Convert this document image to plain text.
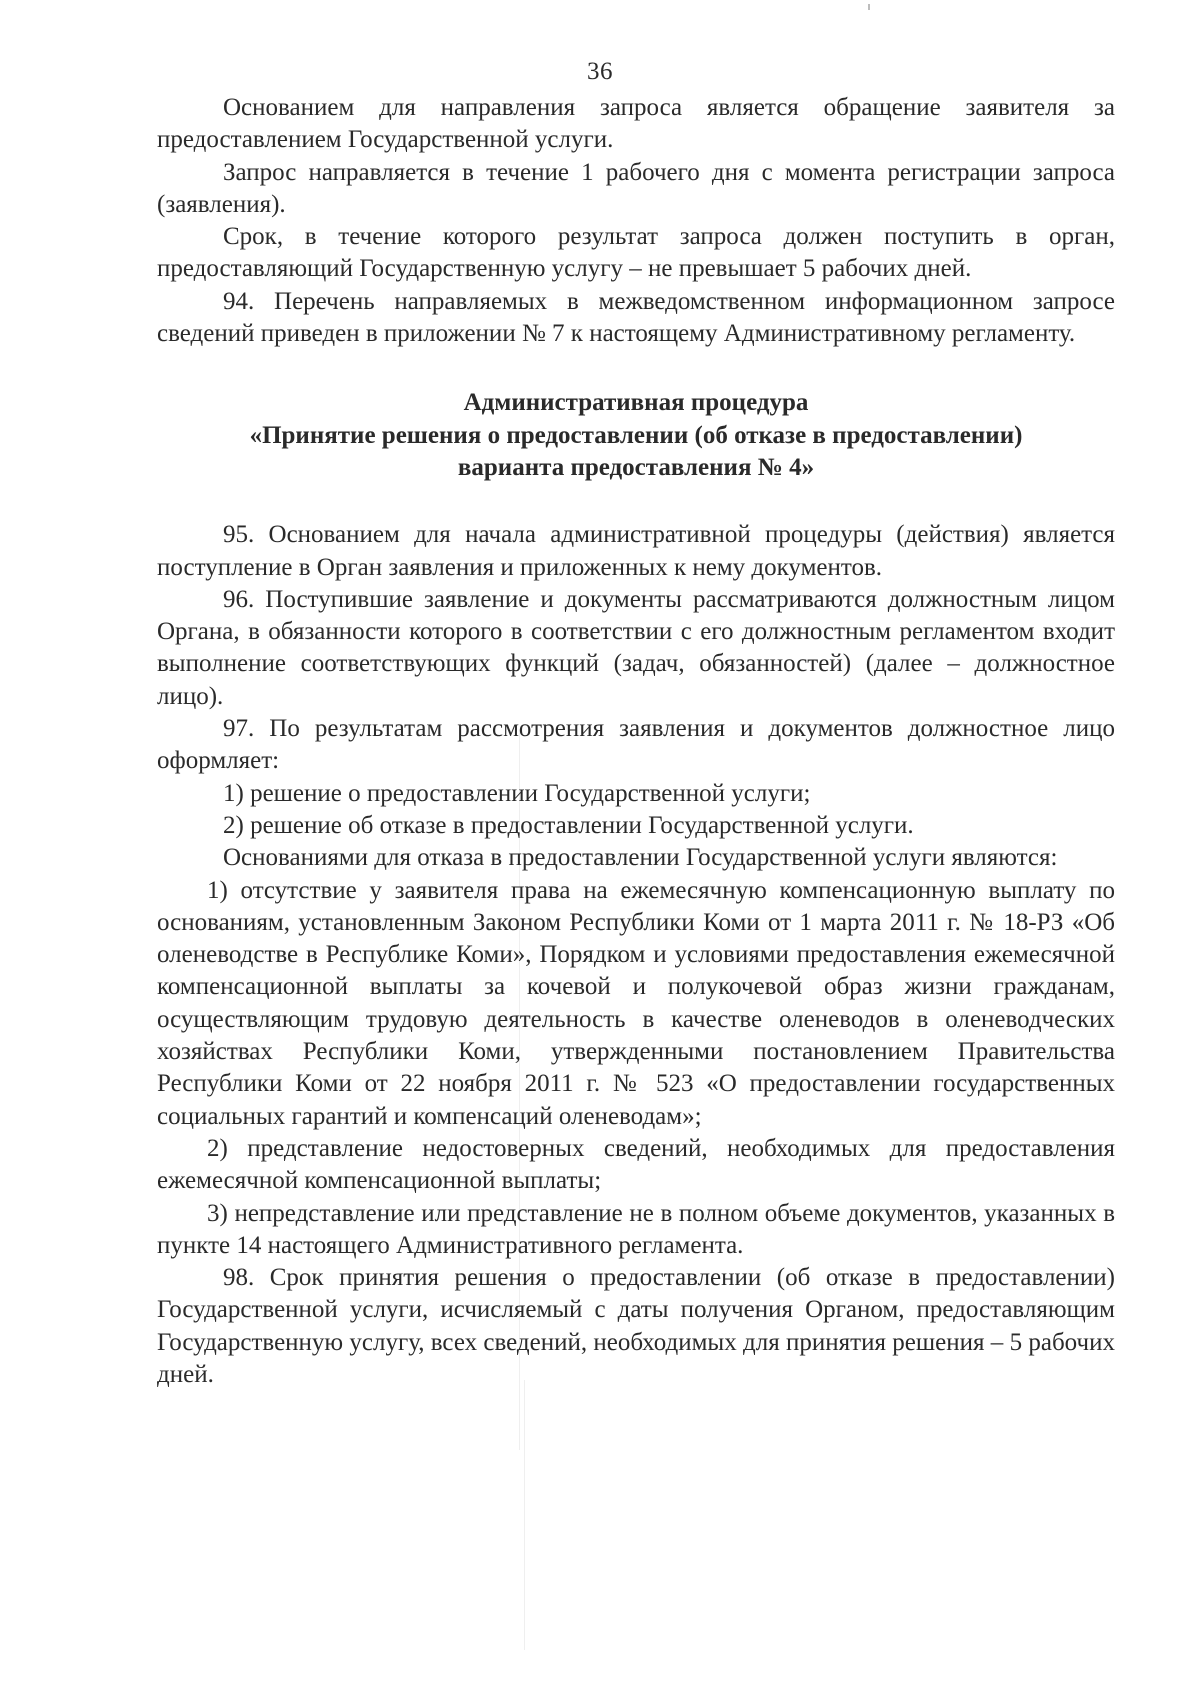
36

Основанием для направления запроса является обращение заявителя за предоставлением Государственной услуги.

Запрос направляется в течение 1 рабочего дня с момента регистрации запроса (заявления).

Срок, в течение которого результат запроса должен поступить в орган, предоставляющий Государственную услугу – не превышает 5 рабочих дней.

94. Перечень направляемых в межведомственном информационном запросе сведений приведен в приложении № 7 к настоящему Административному регламенту.

Административная процедура
«Принятие решения о предоставлении (об отказе в предоставлении)
варианта предоставления № 4»

95. Основанием для начала административной процедуры (действия) является поступление в Орган заявления и приложенных к нему документов.

96. Поступившие заявление и документы рассматриваются должностным лицом Органа, в обязанности которого в соответствии с его должностным регламентом входит выполнение соответствующих функций (задач, обязанностей) (далее – должностное лицо).

97. По результатам рассмотрения заявления и документов должностное лицо оформляет:

1) решение о предоставлении Государственной услуги;

2) решение об отказе в предоставлении Государственной услуги.

Основаниями для отказа в предоставлении Государственной услуги являются:

1) отсутствие у заявителя права на ежемесячную компенсационную выплату по основаниям, установленным Законом Республики Коми от 1 марта 2011 г. № 18-РЗ «Об оленеводстве в Республике Коми», Порядком и условиями предоставления ежемесячной компенсационной выплаты за кочевой и полукочевой образ жизни гражданам, осуществляющим трудовую деятельность в качестве оленеводов в оленеводческих хозяйствах Республики Коми, утвержденными постановлением Правительства Республики Коми от 22 ноября 2011 г. № 523 «О предоставлении государственных социальных гарантий и компенсаций оленеводам»;

2) представление недостоверных сведений, необходимых для предоставления ежемесячной компенсационной выплаты;

3) непредставление или представление не в полном объеме документов, указанных в пункте 14 настоящего Административного регламента.

98. Срок принятия решения о предоставлении (об отказе в предоставлении) Государственной услуги, исчисляемый с даты получения Органом, предоставляющим Государственную услугу, всех сведений, необходимых для принятия решения – 5 рабочих дней.
